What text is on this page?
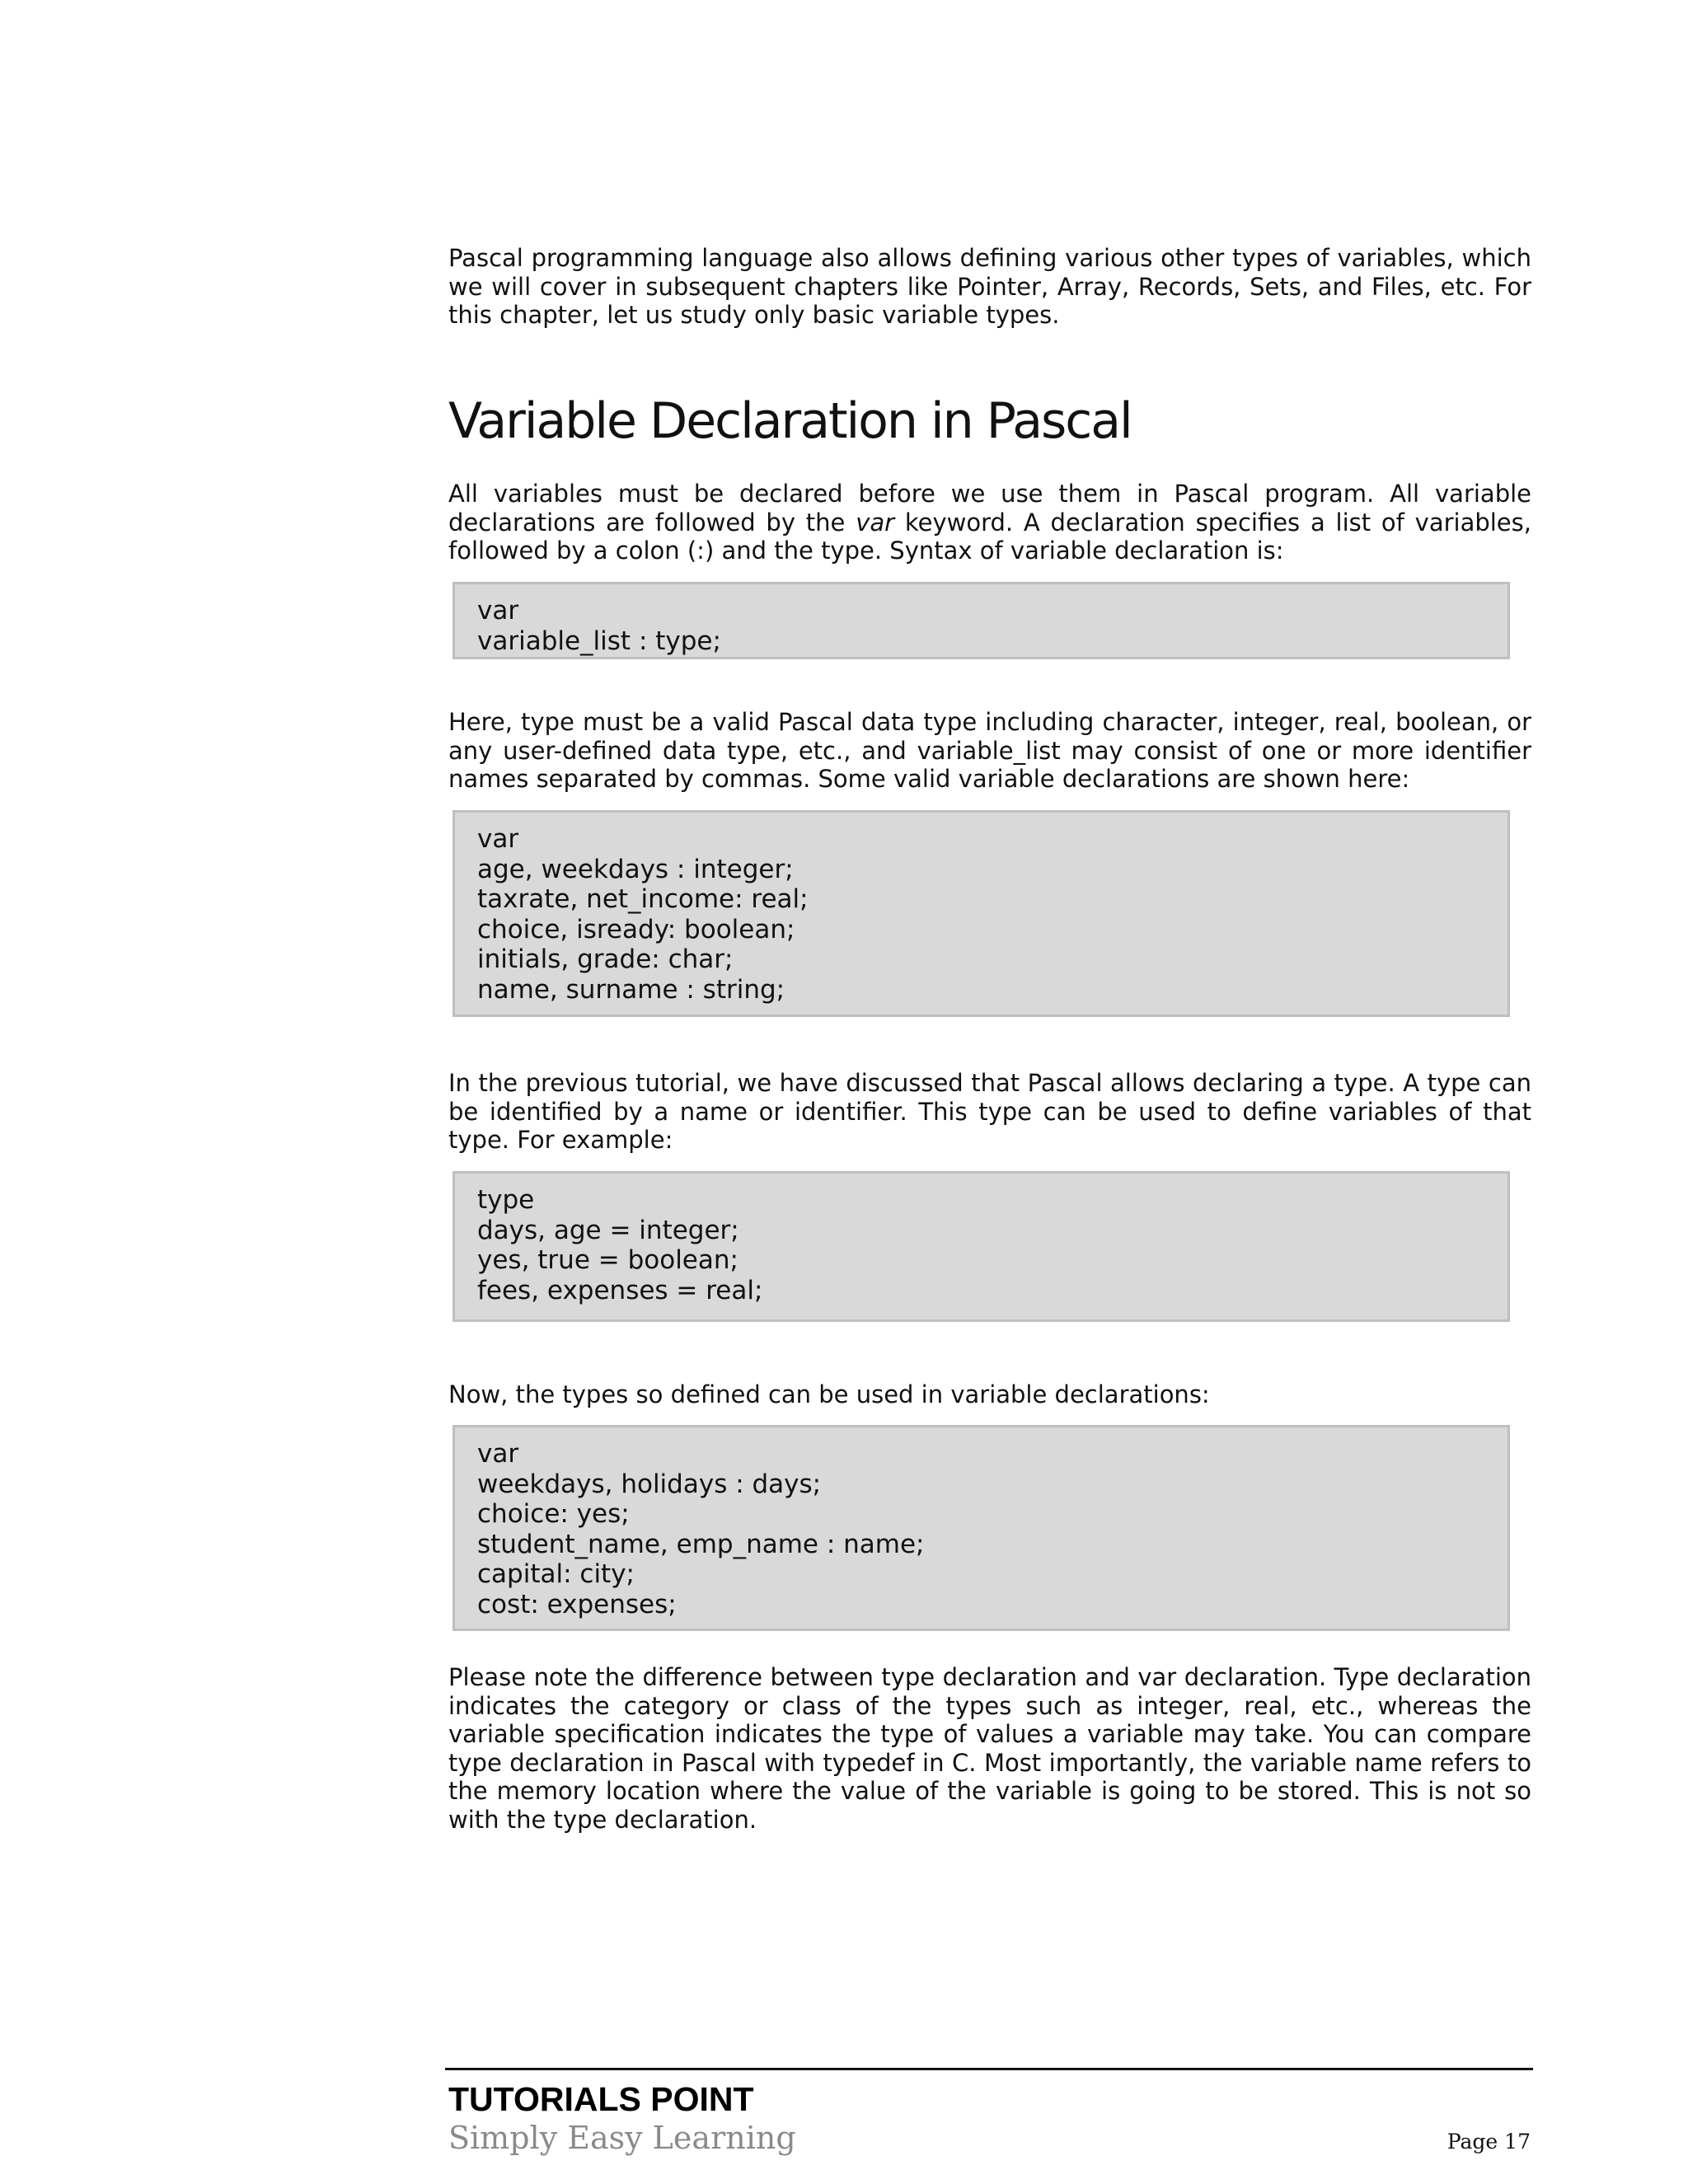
Pascal programming language also allows defining various other types of variables, which we will cover in subsequent chapters like Pointer, Array, Records, Sets, and Files, etc. For this chapter, let us study only basic variable types.

Variable Declaration in Pascal

All variables must be declared before we use them in Pascal program. All variable declarations are followed by the var keyword. A declaration specifies a list of variables, followed by a colon (:) and the type. Syntax of variable declaration is:

var
variable_list : type;

Here, type must be a valid Pascal data type including character, integer, real, boolean, or any user-defined data type, etc., and variable_list may consist of one or more identifier names separated by commas. Some valid variable declarations are shown here:

var
age, weekdays : integer;
taxrate, net_income: real;
choice, isready: boolean;
initials, grade: char;
name, surname : string;

In the previous tutorial, we have discussed that Pascal allows declaring a type. A type can be identified by a name or identifier. This type can be used to define variables of that type. For example:

type
days, age = integer;
yes, true = boolean;
fees, expenses = real;

Now, the types so defined can be used in variable declarations:

var
weekdays, holidays : days;
choice: yes;
student_name, emp_name : name;
capital: city;
cost: expenses;

Please note the difference between type declaration and var declaration. Type declaration indicates the category or class of the types such as integer, real, etc., whereas the variable specification indicates the type of values a variable may take. You can compare type declaration in Pascal with typedef in C. Most importantly, the variable name refers to the memory location where the value of the variable is going to be stored. This is not so with the type declaration.

TUTORIALS POINT

Simply Easy Learning	Page 17
